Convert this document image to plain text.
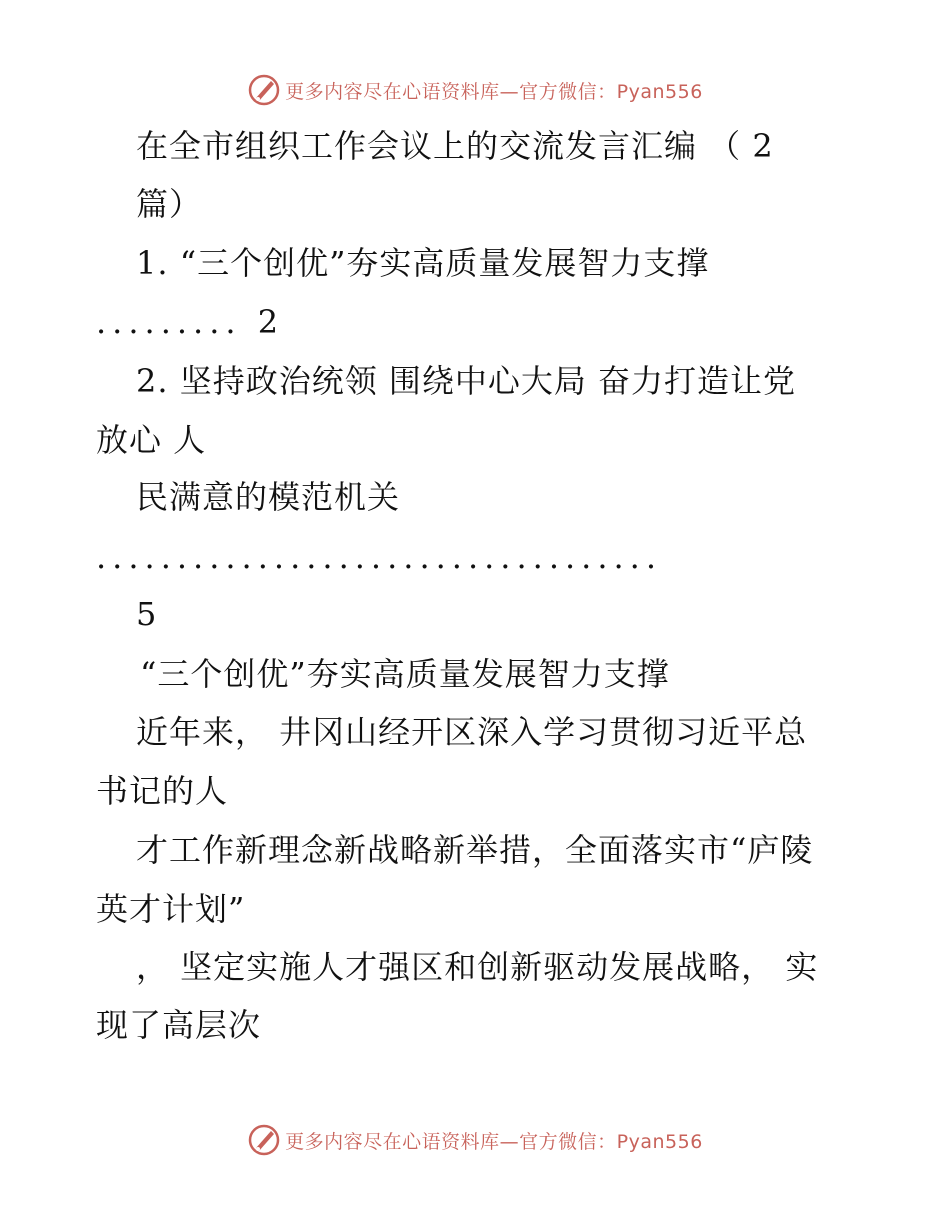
更多内容尽在心语资料库—官方微信：Pyan556
在全市组织工作会议上的交流发言汇编 （ 2
篇）
1. “三个创优”夯实高质量发展智力支撑
......... 2
2. 坚持政治统领 围绕中心大局 奋力打造让党
放心 人
民满意的模范机关
...................................
5
“三个创优”夯实高质量发展智力支撑
近年来， 井冈山经开区深入学习贯彻习近平总
书记的人
才工作新理念新战略新举措，全面落实市“庐陵
英才计划”
， 坚定实施人才强区和创新驱动发展战略， 实
现了高层次
更多内容尽在心语资料库—官方微信：Pyan556
